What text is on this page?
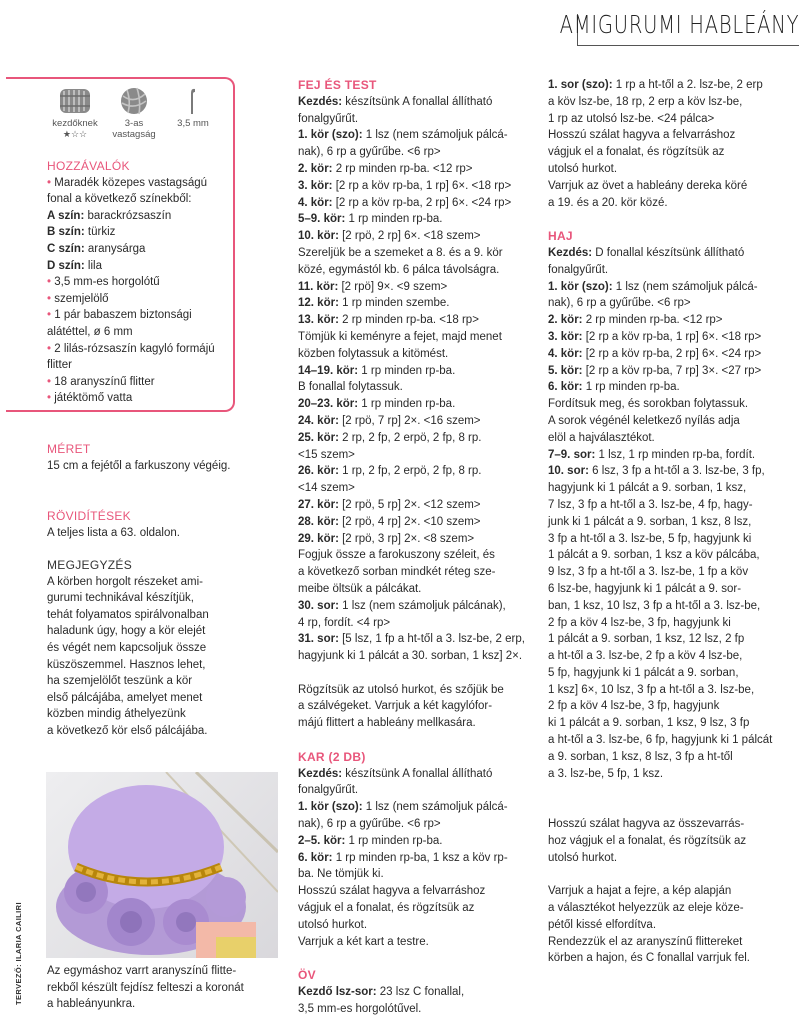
AMIGURUMI HABLEÁNY
kezdőknek
★☆☆
3-as vastagság
3,5 mm
HOZZÁVALÓK
• Maradék közepes vastagságú fonal a következő színekből:
A szín: barackrózsaszín
B szín: türkiz
C szín: aranysárga
D szín: lila
• 3,5 mm-es horgolótű
• szemjelölő
• 1 pár babaszem biztonsági alátéttel, ø 6 mm
• 2 lilás-rózsaszín kagyló formájú flitter
• 18 aranyszínű flitter
• játéktömő vatta
MÉRET
15 cm a fejétől a farkuszony végéig.
RÖVIDÍTÉSEK
A teljes lista a 63. oldalon.
MEGJEGYZÉS
A körben horgolt részeket ami-
gurumi technikával készítjük,
tehát folyamatos spirálvonalban
haladunk úgy, hogy a kör elejét
és végét nem kapcsoljuk össze
küszöszemmel. Hasznos lehet,
ha szemjelölőt teszünk a kör
első pálcájába, amelyet menet
közben mindig áthelyezünk
a következő kör első pálcájába.
TERVEZŐ: ILARIA CAILIRI Az egymáshoz varrt aranyszínű flitte-
rekből készült fejdísz felteszi a koronát
a hableányunkra.

FEJ ÉS TEST

Kezdés: készítsünk A fonallal állítható

fonalgyűrűt.

1. kör (szo): 1 lsz (nem számoljuk pálcá-

nak), 6 rp a gyűrűbe. <6 rp>

2. kör: 2 rp minden rp-ba. <12 rp>

3. kör: [2 rp a köv rp-ba, 1 rp] 6×. <18 rp>

4. kör: [2 rp a köv rp-ba, 2 rp] 6×. <24 rp>

5–9. kör: 1 rp minden rp-ba.

10. kör: [2 rpö, 2 rp] 6×. <18 szem>

Szereljük be a szemeket a 8. és a 9. kör

közé, egymástól kb. 6 pálca távolságra.

11. kör: [2 rpö] 9×. <9 szem>

12. kör: 1 rp minden szembe.

13. kör: 2 rp minden rp-ba. <18 rp>

Tömjük ki keményre a fejet, majd menet

közben folytassuk a kitömést.

14–19. kör: 1 rp minden rp-ba.

B fonallal folytassuk.

20–23. kör: 1 rp minden rp-ba.

24. kör: [2 rpö, 7 rp] 2×. <16 szem>

25. kör: 2 rp, 2 fp, 2 erpö, 2 fp, 8 rp.

<15 szem>

26. kör: 1 rp, 2 fp, 2 erpö, 2 fp, 8 rp.

<14 szem>

27. kör: [2 rpö, 5 rp] 2×. <12 szem>

28. kör: [2 rpö, 4 rp] 2×. <10 szem>

29. kör: [2 rpö, 3 rp] 2×. <8 szem>

Fogjuk össze a farokuszony széleit, és

a következő sorban mindkét réteg sze-

meibe öltsük a pálcákat.

30. sor: 1 lsz (nem számoljuk pálcának),

4 rp, fordít. <4 rp>

31. sor: [5 lsz, 1 fp a ht-től a 3. lsz-be, 2 erp,

hagyjunk ki 1 pálcát a 30. sorban, 1 ksz] 2×.

Rögzítsük az utolsó hurkot, és szőjük be

a szálvégeket. Varrjuk a két kagylófor-

májú flittert a hableány mellkasára.

KAR (2 DB)

Kezdés: készítsünk A fonallal állítható

fonalgyűrűt.

1. kör (szo): 1 lsz (nem számoljuk pálcá-

nak), 6 rp a gyűrűbe. <6 rp>

2–5. kör: 1 rp minden rp-ba.

6. kör: 1 rp minden rp-ba, 1 ksz a köv rp-

ba. Ne tömjük ki.

Hosszú szálat hagyva a felvarráshoz

vágjuk el a fonalat, és rögzítsük az

utolsó hurkot.

Varrjuk a két kart a testre.

ÖV

Kezdő lsz-sor: 23 lsz C fonallal,

3,5 mm-es horgolótűvel.

1. sor (szo): 1 rp a ht-től a 2. lsz-be, 2 erp

a köv lsz-be, 18 rp, 2 erp a köv lsz-be,

1 rp az utolsó lsz-be. <24 pálca>

Hosszú szálat hagyva a felvarráshoz

vágjuk el a fonalat, és rögzítsük az

utolsó hurkot.

Varrjuk az övet a hableány dereka köré

a 19. és a 20. kör közé.

HAJ

Kezdés: D fonallal készítsünk állítható

fonalgyűrűt.

1. kör (szo): 1 lsz (nem számoljuk pálcá-

nak), 6 rp a gyűrűbe. <6 rp>

2. kör: 2 rp minden rp-ba. <12 rp>

3. kör: [2 rp a köv rp-ba, 1 rp] 6×. <18 rp>

4. kör: [2 rp a köv rp-ba, 2 rp] 6×. <24 rp>

5. kör: [2 rp a köv rp-ba, 7 rp] 3×. <27 rp>

6. kör: 1 rp minden rp-ba.

Fordítsuk meg, és sorokban folytassuk.

A sorok végénél keletkező nyílás adja

elöl a hajválasztékot.

7–9. sor: 1 lsz, 1 rp minden rp-ba, fordít.

10. sor: 6 lsz, 3 fp a ht-től a 3. lsz-be, 3 fp,

hagyjunk ki 1 pálcát a 9. sorban, 1 ksz,

7 lsz, 3 fp a ht-től a 3. lsz-be, 4 fp, hagy-

junk ki 1 pálcát a 9. sorban, 1 ksz, 8 lsz,

3 fp a ht-től a 3. lsz-be, 5 fp, hagyjunk ki

1 pálcát a 9. sorban, 1 ksz a köv pálcába,

9 lsz, 3 fp a ht-től a 3. lsz-be, 1 fp a köv

6 lsz-be, hagyjunk ki 1 pálcát a 9. sor-

ban, 1 ksz, 10 lsz, 3 fp a ht-től a 3. lsz-be,

2 fp a köv 4 lsz-be, 3 fp, hagyjunk ki

1 pálcát a 9. sorban, 1 ksz, 12 lsz, 2 fp

a ht-től a 3. lsz-be, 2 fp a köv 4 lsz-be,

5 fp, hagyjunk ki 1 pálcát a 9. sorban,

1 ksz] 6×, 10 lsz, 3 fp a ht-től a 3. lsz-be,

2 fp a köv 4 lsz-be, 3 fp, hagyjunk

ki 1 pálcát a 9. sorban, 1 ksz, 9 lsz, 3 fp

a ht-től a 3. lsz-be, 6 fp, hagyjunk ki 1 pálcát

a 9. sorban, 1 ksz, 8 lsz, 3 fp a ht-től

a 3. lsz-be, 5 fp, 1 ksz.

Hosszú szálat hagyva az összevarrás-

hoz vágjuk el a fonalat, és rögzítsük az

utolsó hurkot.

Varrjuk a hajat a fejre, a kép alapján

a választékot helyezzük az eleje köze-

pétől kissé elfordítva.

Rendezzük el az aranyszínű flittereket

körben a hajon, és C fonallal varrjuk fel.
